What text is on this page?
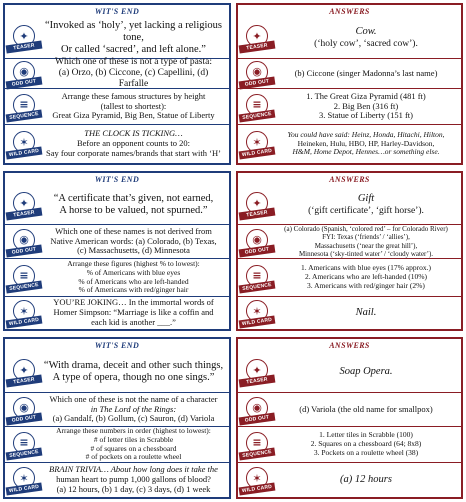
WIT'S END
✦
TEASER
“Invoked as ‘holy’, yet lacking a religious tone,
Or called ‘sacred’, and left alone.”
◉
ODD OUT
Which one of these is not a type of pasta:
(a) Orzo, (b) Ciccone, (c) Capellini, (d) Farfalle
≡
SEQUENCE
Arrange these famous structures by height
(tallest to shortest):
Great Giza Pyramid, Big Ben, Statue of Liberty
✶
WILD CARD
THE CLOCK IS TICKING…
Before an opponent counts to 20:
Say four corporate names/brands that start with ‘H’
ANSWERS
✦
TEASER
Cow.
(‘holy cow’, ‘sacred cow’).
◉
ODD OUT
(b) Ciccone (singer Madonna’s last name)
≡
SEQUENCE
1. The Great Giza Pyramid (481 ft)
2. Big Ben (316 ft)
3. Statue of Liberty (151 ft)
✶
WILD CARD
You could have said: Heinz, Honda, Hitachi, Hilton,
Heineken, Hulu, HBO, HP, Harley-Davidson,
H&M, Home Depot, Hennes…or something else.
WIT'S END
✦
TEASER
“A certificate that’s given, not earned,
A horse to be valued, not spurned.”
◉
ODD OUT
Which one of these names is not derived from
Native American words: (a) Colorado, (b) Texas,
(c) Massachusetts, (d) Minnesota
≡
SEQUENCE
Arrange these figures (highest % to lowest):
% of Americans with blue eyes
% of Americans who are left-handed
% of Americans with red/ginger hair
✶
WILD CARD
YOU’RE JOKING… In the immortal words of
Homer Simpson: “Marriage is like a coffin and
each kid is another ___.”
ANSWERS
✦
TEASER
Gift
(‘gift certificate’, ‘gift horse’).
◉
ODD OUT
(a) Colorado (Spanish, ‘colored red’ – for Colorado River)
FYI: Texas (‘friends’ / ‘allies’),
Massachusetts (‘near the great hill’),
Minnesota (‘sky-tinted water’ / ‘cloudy water’).
≡
SEQUENCE
1. Americans with blue eyes (17% approx.)
2. Americans who are left-handed (10%)
3. Americans with red/ginger hair (2%)
✶
WILD CARD
Nail.
WIT'S END
✦
TEASER
“With drama, deceit and other such things,
A type of opera, though no one sings.”
◉
ODD OUT
Which one of these is not the name of a character
in The Lord of the Rings:
(a) Gandalf, (b) Gollum, (c) Sauron, (d) Variola
≡
SEQUENCE
Arrange these numbers in order (highest to lowest):
# of letter tiles in Scrabble
# of squares on a chessboard
# of pockets on a roulette wheel
✶
WILD CARD
BRAIN TRIVIA… About how long does it take the
human heart to pump 1,000 gallons of blood?
(a) 12 hours, (b) 1 day, (c) 3 days, (d) 1 week
ANSWERS
✦
TEASER
Soap Opera.
◉
ODD OUT
(d) Variola (the old name for smallpox)
≡
SEQUENCE
1. Letter tiles in Scrabble (100)
2. Squares on a chessboard (64; 8x8)
3. Pockets on a roulette wheel (38)
✶
WILD CARD
(a) 12 hours
